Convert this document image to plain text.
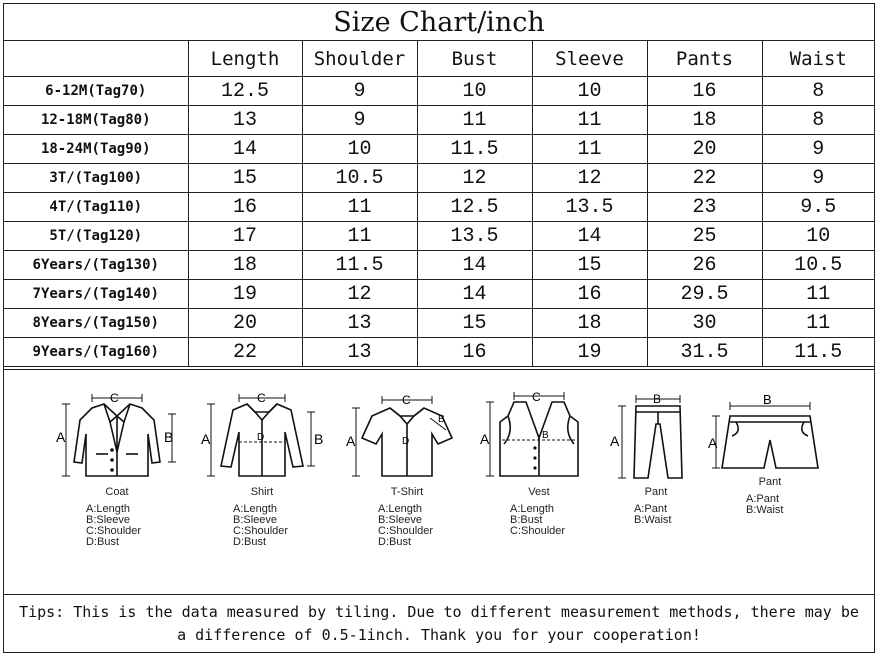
Size Chart/inch
	Length	Shoulder	Bust	Sleeve	Pants	Waist
6-12M(Tag70)	12.5	9	10	10	16	8
12-18M(Tag80)	13	9	11	11	18	8
18-24M(Tag90)	14	10	11.5	11	20	9
3T/(Tag100)	15	10.5	12	12	22	9
4T/(Tag110)	16	11	12.5	13.5	23	9.5
5T/(Tag120)	17	11	13.5	14	25	10
6Years/(Tag130)	18	11.5	14	15	26	10.5
7Years/(Tag140)	19	12	14	16	29.5	11
8Years/(Tag150)	20	13	15	18	30	11
9Years/(Tag160)	22	13	16	19	31.5	11.5
A	B
C
Coat
A:Length
B:Sleeve
C:Shoulder
D:Bust
A	B
C
D
Shirt
A:Length
B:Sleeve
C:Shoulder
D:Bust
A
B
C
D
T-Shirt
A:Length
B:Sleeve
C:Shoulder
D:Bust
A
C
B
Vest
A:Length
B:Bust
C:Shoulder
A
B
Pant
A:Pant
B:Waist
A
B
Pant
A:Pant
B:Waist
Tips: This is the data measured by tiling. Due to different measurement methods, there may be a difference of 0.5-1inch. Thank you for your cooperation!
